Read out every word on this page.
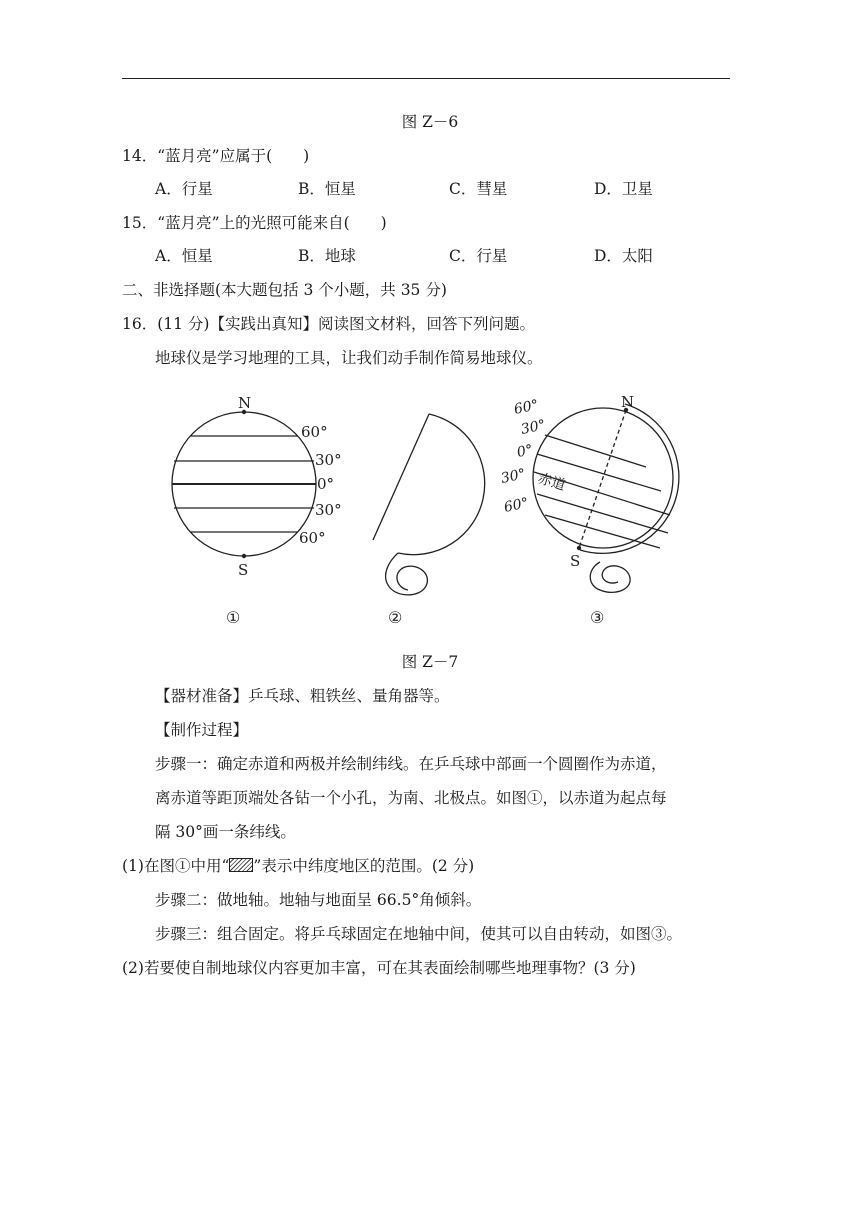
图 Z－6
14．“蓝月亮”应属于(　　)
A．行星	B．恒星	C．彗星	D．卫星
15．“蓝月亮”上的光照可能来自(　　)
A．恒星	B．地球	C．行星	D．太阳
二、非选择题(本大题包括 3 个小题，共 35 分)
16．(11 分)【实践出真知】阅读图文材料，回答下列问题。
地球仪是学习地理的工具，让我们动手制作简易地球仪。
N
S
60°
30°
0°
30°
60°
①	②
N
S
60°
30°
0°
30°
60°
赤道
③
图 Z－7
【器材准备】乒乓球、粗铁丝、量角器等。
【制作过程】
步骤一：确定赤道和两极并绘制纬线。在乒乓球中部画一个圆圈作为赤道，
离赤道等距顶端处各钻一个小孔，为南、北极点。如图①，以赤道为起点每
隔 30°画一条纬线。
(1)在图①中用“ ”表示中纬度地区的范围。(2 分)
步骤二：做地轴。地轴与地面呈 66.5°角倾斜。
步骤三：组合固定。将乒乓球固定在地轴中间，使其可以自由转动，如图③。
(2)若要使自制地球仪内容更加丰富，可在其表面绘制哪些地理事物？(3 分)
